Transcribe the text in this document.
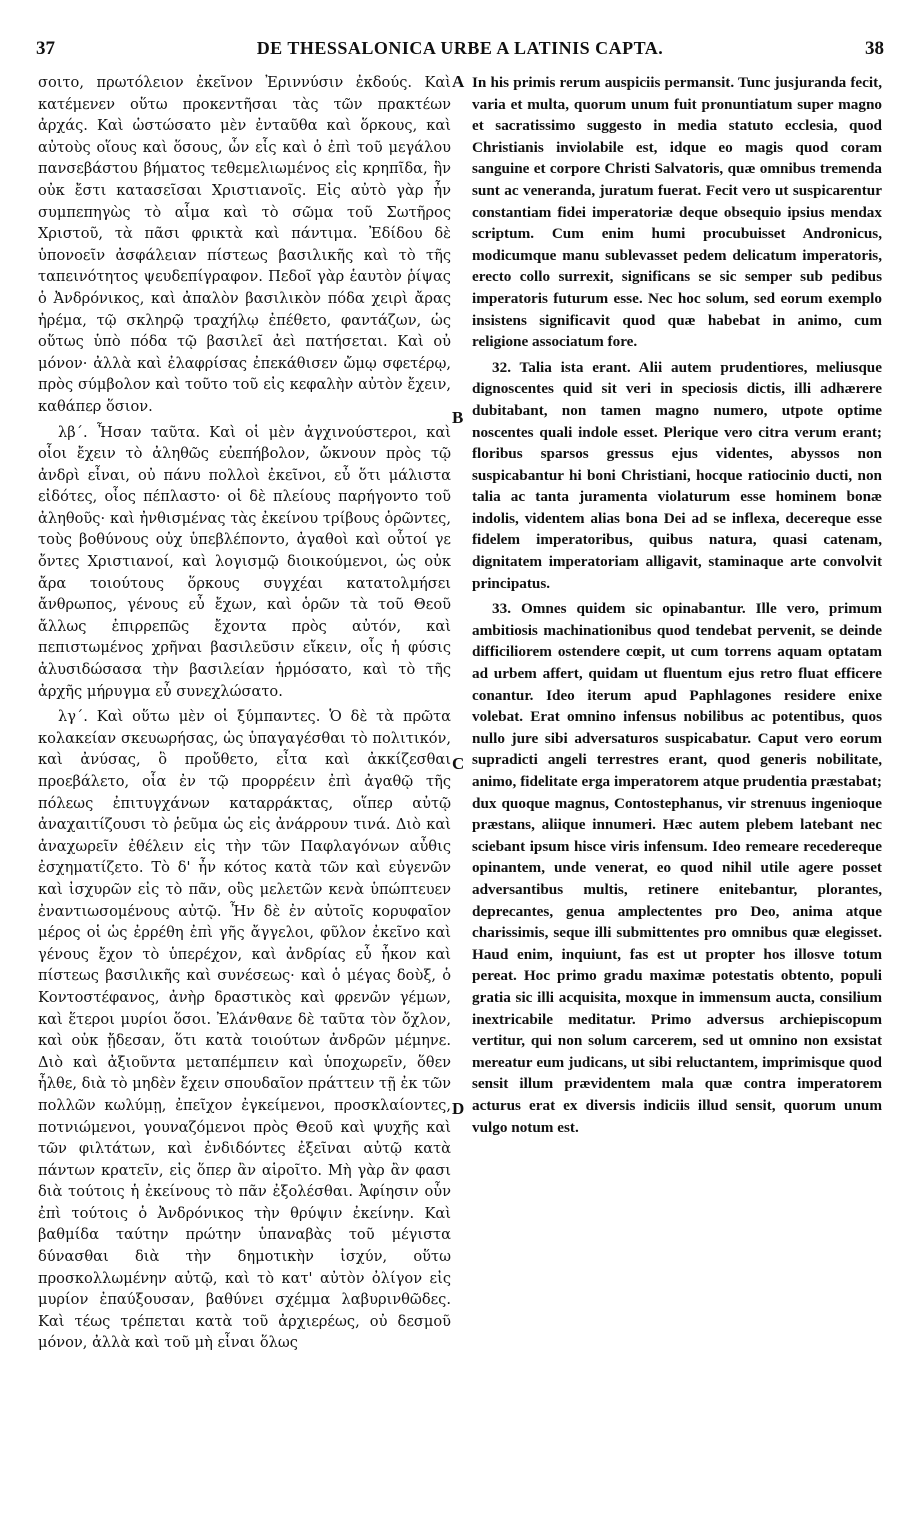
37	DE THESSALONICA URBE A LATINIS CAPTA.	38

σοιτο, πρωτόλειον ἐκεῖνον Ἐριννύσιν ἐκδούς. Καὶ κατέμενεν οὕτω προκεντῆσαι τὰς τῶν πρακτέων ἀρχάς. Καὶ ὡστώσατο μὲν ἐνταῦθα καὶ ὅρκους, καὶ αὐτοὺς οἵους καὶ ὅσους, ὧν εἷς καὶ ὁ ἐπὶ τοῦ μεγάλου πανσεβάστου βήματος τεθεμελιωμένος εἰς κρηπῖδα, ἣν οὐκ ἔστι κατασεῖσαι Χριστιανοῖς. Εἰς αὐτὸ γὰρ ἦν συμπεπηγὼς τὸ αἷμα καὶ τὸ σῶμα τοῦ Σωτῆρος Χριστοῦ, τὰ πᾶσι φρικτὰ καὶ πάντιμα. Ἐδίδου δὲ ὑπονοεῖν ἀσφάλειαν πίστεως βασιλικῆς καὶ τὸ τῆς ταπεινότητος ψευδεπίγραφον. Πεδοῖ γὰρ ἑαυτὸν ῥίψας ὁ Ἀνδρόνικος, καὶ ἀπαλὸν βασιλικὸν πόδα χειρὶ ἄρας ἠρέμα, τῷ σκληρῷ τραχήλῳ ἐπέθετο, φαντάζων, ὡς οὕτως ὑπὸ πόδα τῷ βασιλεῖ ἀεὶ πατήσεται. Καὶ οὐ μόνον· ἀλλὰ καὶ ἐλαφρίσας ἐπεκάθισεν ὤμῳ σφετέρῳ, πρὸς σύμβολον καὶ τοῦτο τοῦ εἰς κεφαλὴν αὐτὸν ἔχειν, καθάπερ ὅσιον.

λβ΄. Ἦσαν ταῦτα. Καὶ οἱ μὲν ἀγχινούστεροι, καὶ οἷοι ἔχειν τὸ ἀληθῶς εὐεπήβολον, ὤκνουν πρὸς τῷ ἀνδρὶ εἶναι, οὐ πάνυ πολλοὶ ἐκεῖνοι, εὖ ὅτι μάλιστα εἰδότες, οἷος πέπλαστο· οἱ δὲ πλείους παρήγοντο τοῦ ἀληθοῦς· καὶ ἠνθισμένας τὰς ἐκείνου τρίβους ὁρῶντες, τοὺς βοθύνους οὐχ ὑπεβλέποντο, ἀγαθοὶ καὶ οὗτοί γε ὄντες Χριστιανοί, καὶ λογισμῷ διοικούμενοι, ὡς οὐκ ἄρα τοιούτους ὅρκους συγχέαι κατατολμήσει ἄνθρωπος, γένους εὖ ἔχων, καὶ ὁρῶν τὰ τοῦ Θεοῦ ἄλλως ἐπιρρεπῶς ἔχοντα πρὸς αὐτόν, καὶ πεπιστωμένος χρῆναι βασιλεῦσιν εἴκειν, οἷς ἡ φύσις ἀλυσιδώσασα τὴν βασιλείαν ἡρμόσατο, καὶ τὸ τῆς ἀρχῆς μήρυγμα εὖ συνεχλώσατο.

λγ΄. Καὶ οὕτω μὲν οἱ ξύμπαντες. Ὁ δὲ τὰ πρῶτα κολακείαν σκευωρήσας, ὡς ὑπαγαγέσθαι τὸ πολιτικόν, καὶ ἀνύσας, ὃ προὔθετο, εἶτα καὶ ἀκκίζεσθαι προεβάλετο, οἷα ἐν τῷ προρρέειν ἐπὶ ἀγαθῷ τῆς πόλεως ἐπιτυγχάνων καταρράκτας, οἵπερ αὐτῷ ἀναχαιτίζουσι τὸ ῥεῦμα ὡς εἰς ἀνάρρουν τινά. Διὸ καὶ ἀναχωρεῖν ἐθέλειν εἰς τὴν τῶν Παφλαγόνων αὖθις ἐσχηματίζετο. Τὸ δ' ἦν κότος κατὰ τῶν καὶ εὐγενῶν καὶ ἰσχυρῶν εἰς τὸ πᾶν, οὓς μελετῶν κενὰ ὑπώπτευεν ἐναντιωσομένους αὐτῷ. Ἦν δὲ ἐν αὐτοῖς κορυφαῖον μέρος οἱ ὡς ἐρρέθη ἐπὶ γῆς ἄγγελοι, φῦλον ἐκεῖνο καὶ γένους ἔχον τὸ ὑπερέχον, καὶ ἀνδρίας εὖ ἧκον καὶ πίστεως βασιλικῆς καὶ συνέσεως· καὶ ὁ μέγας δοὺξ, ὁ Κοντοστέφανος, ἀνὴρ δραστικὸς καὶ φρενῶν γέμων, καὶ ἕτεροι μυρίοι ὅσοι. Ἐλάνθανε δὲ ταῦτα τὸν ὄχλον, καὶ οὐκ ᾔδεσαν, ὅτι κατὰ τοιούτων ἀνδρῶν μέμηνε. Διὸ καὶ ἀξιοῦντα μεταπέμπειν καὶ ὑποχωρεῖν, ὅθεν ἦλθε, διὰ τὸ μηδὲν ἔχειν σπουδαῖον πράττειν τῇ ἐκ τῶν πολλῶν κωλύμῃ, ἐπεῖχον ἐγκείμενοι, προσκλαίοντες, ποτνιώμενοι, γουναζόμενοι πρὸς Θεοῦ καὶ ψυχῆς καὶ τῶν φιλτάτων, καὶ ἐνδιδόντες ἐξεῖναι αὐτῷ κατὰ πάντων κρατεῖν, εἰς ὅπερ ἂν αἱροῖτο. Μὴ γὰρ ἂν φασι διὰ τούτοις ἡ ἐκείνους τὸ πᾶν ἐξολέσθαι. Ἀφίησιν οὖν ἐπὶ τούτοις ὁ Ἀνδρόνικος τὴν θρύψιν ἐκείνην. Καὶ βαθμίδα ταύτην πρώτην ὑπαναβὰς τοῦ μέγιστα δύνασθαι διὰ τὴν δημοτικὴν ἰσχύν, οὕτω προσκολλωμένην αὐτῷ, καὶ τὸ κατ' αὐτὸν ὀλίγον εἰς μυρίον ἐπαύξουσαν, βαθύνει σχέμμα λαβυρινθῶδες. Καὶ τέως τρέπεται κατὰ τοῦ ἀρχιερέως, οὐ δεσμοῦ μόνον, ἀλλὰ καὶ τοῦ μὴ εἶναι ὅλως

A
B
C
D

In his primis rerum auspiciis permansit. Tunc jusjuranda fecit, varia et multa, quorum unum fuit pronuntiatum super magno et sacratissimo suggesto in media statuto ecclesia, quod Christianis inviolabile est, idque eo magis quod coram sanguine et corpore Christi Salvatoris, quæ omnibus tremenda sunt ac veneranda, juratum fuerat. Fecit vero ut suspicarentur constantiam fidei imperatoriæ deque obsequio ipsius mendax scriptum. Cum enim humi procubuisset Andronicus, modicumque manu sublevasset pedem delicatum imperatoris, erecto collo surrexit, significans se sic semper sub pedibus imperatoris futurum esse. Nec hoc solum, sed eorum exemplo insistens significavit quod quæ habebat in animo, cum religione associatum fore.

32. Talia ista erant. Alii autem prudentiores, meliusque dignoscentes quid sit veri in speciosis dictis, illi adhærere dubitabant, non tamen magno numero, utpote optime noscentes quali indole esset. Plerique vero citra verum erant; floribus sparsos gressus ejus videntes, abyssos non suspicabantur hi boni Christiani, hocque ratiocinio ducti, non talia ac tanta juramenta violaturum esse hominem bonæ indolis, videntem alias bona Dei ad se inflexa, decereque esse fidelem imperatoribus, quibus natura, quasi catenam, dignitatem imperatoriam alligavit, staminaque arte convolvit principatus.

33. Omnes quidem sic opinabantur. Ille vero, primum ambitiosis machinationibus quod tendebat pervenit, se deinde difficiliorem ostendere cœpit, ut cum torrens aquam optatam ad urbem affert, quidam ut fluentum ejus retro fluat efficere conantur. Ideo iterum apud Paphlagones residere enixe volebat. Erat omnino infensus nobilibus ac potentibus, quos nullo jure sibi adversaturos suspicabatur. Caput vero eorum supradicti angeli terrestres erant, quod generis nobilitate, animo, fidelitate erga imperatorem atque prudentia præstabat; dux quoque magnus, Contostephanus, vir strenuus ingenioque præstans, aliique innumeri. Hæc autem plebem latebant nec sciebant ipsum hisce viris infensum. Ideo remeare recedereque opinantem, unde venerat, eo quod nihil utile agere posset adversantibus multis, retinere enitebantur, plorantes, deprecantes, genua amplectentes pro Deo, anima atque charissimis, seque illi submittentes pro omnibus quæ elegisset. Haud enim, inquiunt, fas est ut propter hos illosve totum pereat. Hoc primo gradu maximæ potestatis obtento, populi gratia sic illi acquisita, moxque in immensum aucta, consilium inextricabile meditatur. Primo adversus archiepiscopum vertitur, qui non solum carcerem, sed ut omnino non exsistat mereatur eum judicans, ut sibi reluctantem, imprimisque quod sensit illum prævidentem mala quæ contra imperatorem acturus erat ex diversis indiciis illud sensit, quorum unum vulgo notum est.
